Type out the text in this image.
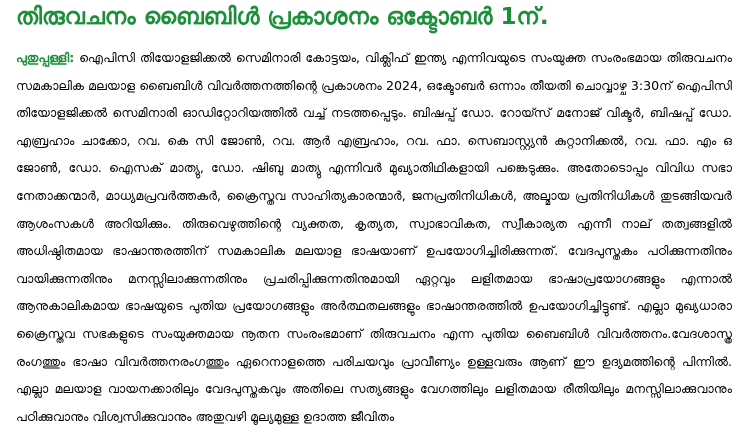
തിരുവചനം ബൈബിൾ പ്രകാശനം ഒക്ടോബർ 1ന്.

പുതുപ്പള്ളി: ഐപിസി തിയോളജിക്കൽ സെമിനാരി കോട്ടയം, വിക്ലിഫ് ഇന്ത്യ എന്നിവയുടെ സംയുക്ത സംരംഭമായ തിരുവചനം സമകാലിക മലയാള ബൈബിൾ വിവർത്തനത്തിന്റെ പ്രകാശനം 2024, ഒക്ടോബർ ഒന്നാം തീയതി ചൊവ്വാഴ്ച 3:30ന് ഐപിസി തിയോളജിക്കൽ സെമിനാരി ഓഡിറ്റോറിയത്തിൽ വച്ച് നടത്തപ്പെടും. ബിഷപ്പ് ഡോ. റോയ്സ് മനോജ് വിക്ടർ, ബിഷപ്പ് ഡോ. എബ്രഹാം ചാക്കോ, റവ. കെ സി ജോൺ, റവ. ആർ എബ്രഹാം, റവ. ഫാ. സെബാസ്റ്റ്യൻ കുറ്റാനിക്കൽ, റവ. ഫാ. എം ഒ ജോൺ, ഡോ. ഐസക് മാത്യു, ഡോ. ഷിബു മാത്യു എന്നിവർ മുഖ്യാതിഥികളായി പങ്കെടുക്കും. അതോടൊപ്പം വിവിധ സഭാ നേതാക്കന്മാർ, മാധ്യമപ്രവർത്തകർ, ക്രൈസ്തവ സാഹിത്യകാരന്മാർ, ജനപ്രതിനിധികൾ, അല്മായ പ്രതിനിധികൾ തുടങ്ങിയവർ ആശംസകൾ അറിയിക്കും. തിരുവെഴുത്തിന്റെ വ്യക്തത, കൃത്യത, സ്വാഭാവികത, സ്വീകാര്യത എന്നീ നാല് തത്വങ്ങളിൽ അധിഷ്ഠിതമായ ഭാഷാന്തരത്തിന് സമകാലിക മലയാള ഭാഷയാണ് ഉപയോഗിച്ചിരിക്കുന്നത്. വേദപുസ്തകം പഠിക്കുന്നതിനും വായിക്കുന്നതിനും മനസ്സിലാക്കുന്നതിനും പ്രചരിപ്പിക്കുന്നതിനുമായി ഏറ്റവും ലളിതമായ ഭാഷാപ്രയോഗങ്ങളും എന്നാൽ ആനുകാലികമായ ഭാഷയുടെ പുതിയ പ്രയോഗങ്ങളും അർത്ഥതലങ്ങളും ഭാഷാന്തരത്തിൽ ഉപയോഗിച്ചിട്ടുണ്ട്. എല്ലാ മുഖ്യധാരാ ക്രൈസ്തവ സഭകളുടെ സംയുക്തമായ നൂതന സംരംഭമാണ് തിരുവചനം എന്ന പുതിയ ബൈബിൾ വിവർത്തനം.വേദശാസ്ത്ര രംഗത്തും ഭാഷാ വിവർത്തനരംഗത്തും ഏറെനാളത്തെ പരിചയവും പ്രാവീണ്യം ഉള്ളവരും ആണ് ഈ ഉദ്യമത്തിന്റെ പിന്നിൽ. എല്ലാ മലയാള വായനക്കാരിലും വേദപുസ്തകവും അതിലെ സത്യങ്ങളും വേഗത്തിലും ലളിതമായ രീതിയിലും മനസ്സിലാക്കുവാനും പഠിക്കുവാനും വിശ്വസിക്കുവാനും അതുവഴി മൂല്യമുള്ള ഉദാത്ത ജീവിതം
